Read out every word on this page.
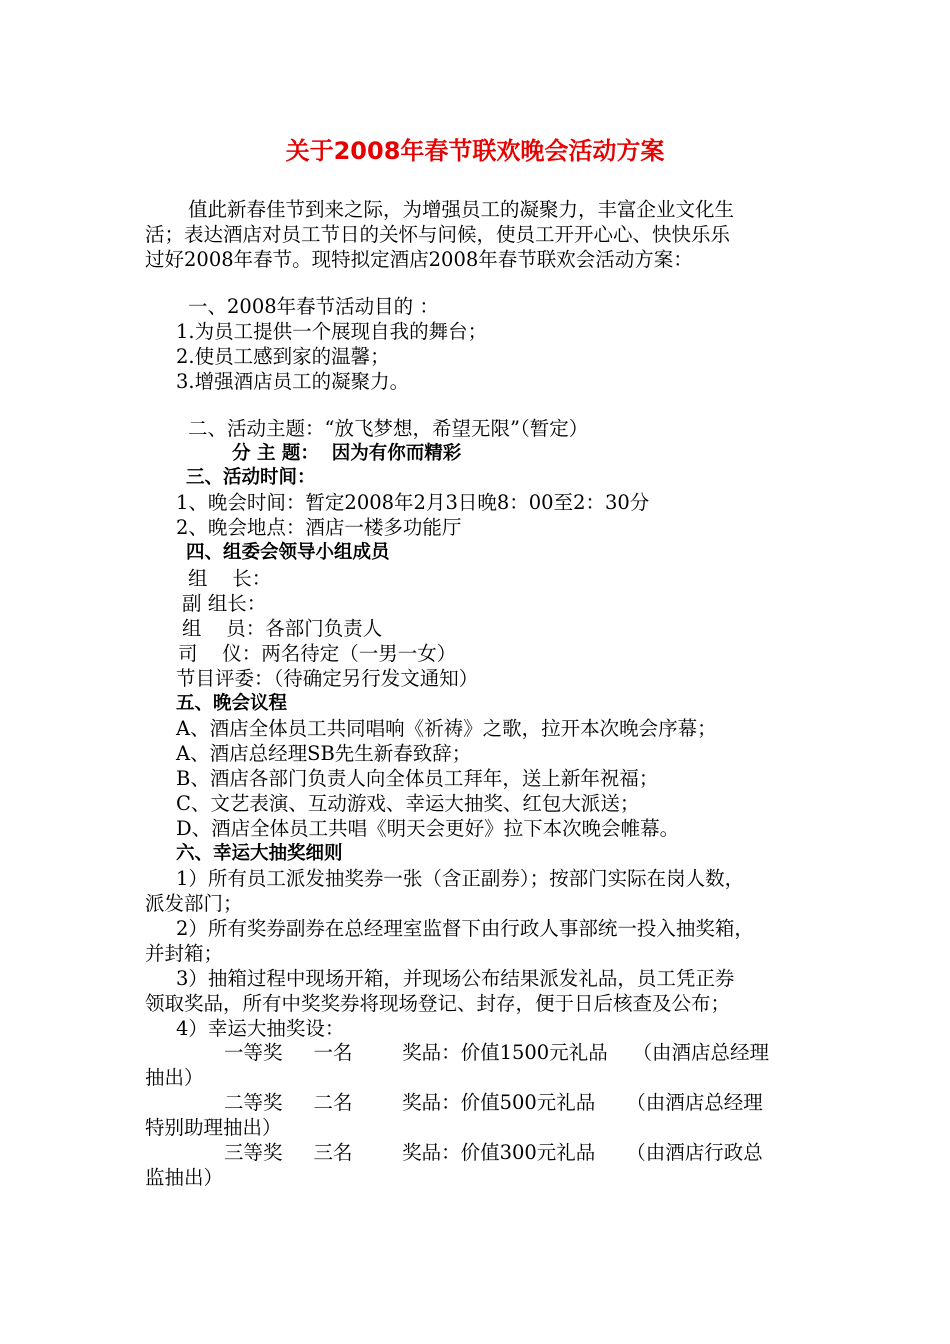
关于2008年春节联欢晚会活动方案
值此新春佳节到来之际，为增强员工的凝聚力，丰富企业文化生
活；表达酒店对员工节日的关怀与问候，使员工开开心心、快快乐乐
过好2008年春节。现特拟定酒店2008年春节联欢会活动方案：
一、2008年春节活动目的 ：
1.为员工提供一个展现自我的舞台；
2.使员工感到家的温馨；
3.增强酒店员工的凝聚力。
二、活动主题：“放飞梦想，希望无限”（暂定）
分 主 题：  因为有你而精彩
三、活动时间：
1、晚会时间：暂定2008年2月3日晚8：00至2：30分
2、晚会地点：酒店一楼多功能厅
四、组委会领导小组成员
组    长：
副 组长：
组    员：各部门负责人
司    仪：两名待定（一男一女）
节目评委：（待确定另行发文通知）
五、晚会议程
A、酒店全体员工共同唱响《祈祷》之歌，拉开本次晚会序幕；
A、酒店总经理SB先生新春致辞；
B、酒店各部门负责人向全体员工拜年，送上新年祝福；
C、文艺表演、互动游戏、幸运大抽奖、红包大派送；
D、酒店全体员工共唱《明天会更好》拉下本次晚会帷幕。
六、幸运大抽奖细则
1）所有员工派发抽奖券一张（含正副券）；按部门实际在岗人数，
派发部门；
2）所有奖券副券在总经理室监督下由行政人事部统一投入抽奖箱，
并封箱；
3）抽箱过程中现场开箱，并现场公布结果派发礼品，员工凭正券
领取奖品，所有中奖奖券将现场登记、封存，便于日后核查及公布；
4）幸运大抽奖设：
一等奖     一名        奖品：价值1500元礼品    （由酒店总经理
抽出）
二等奖     二名        奖品：价值500元礼品     （由酒店总经理
特别助理抽出）
三等奖     三名        奖品：价值300元礼品     （由酒店行政总
监抽出）
